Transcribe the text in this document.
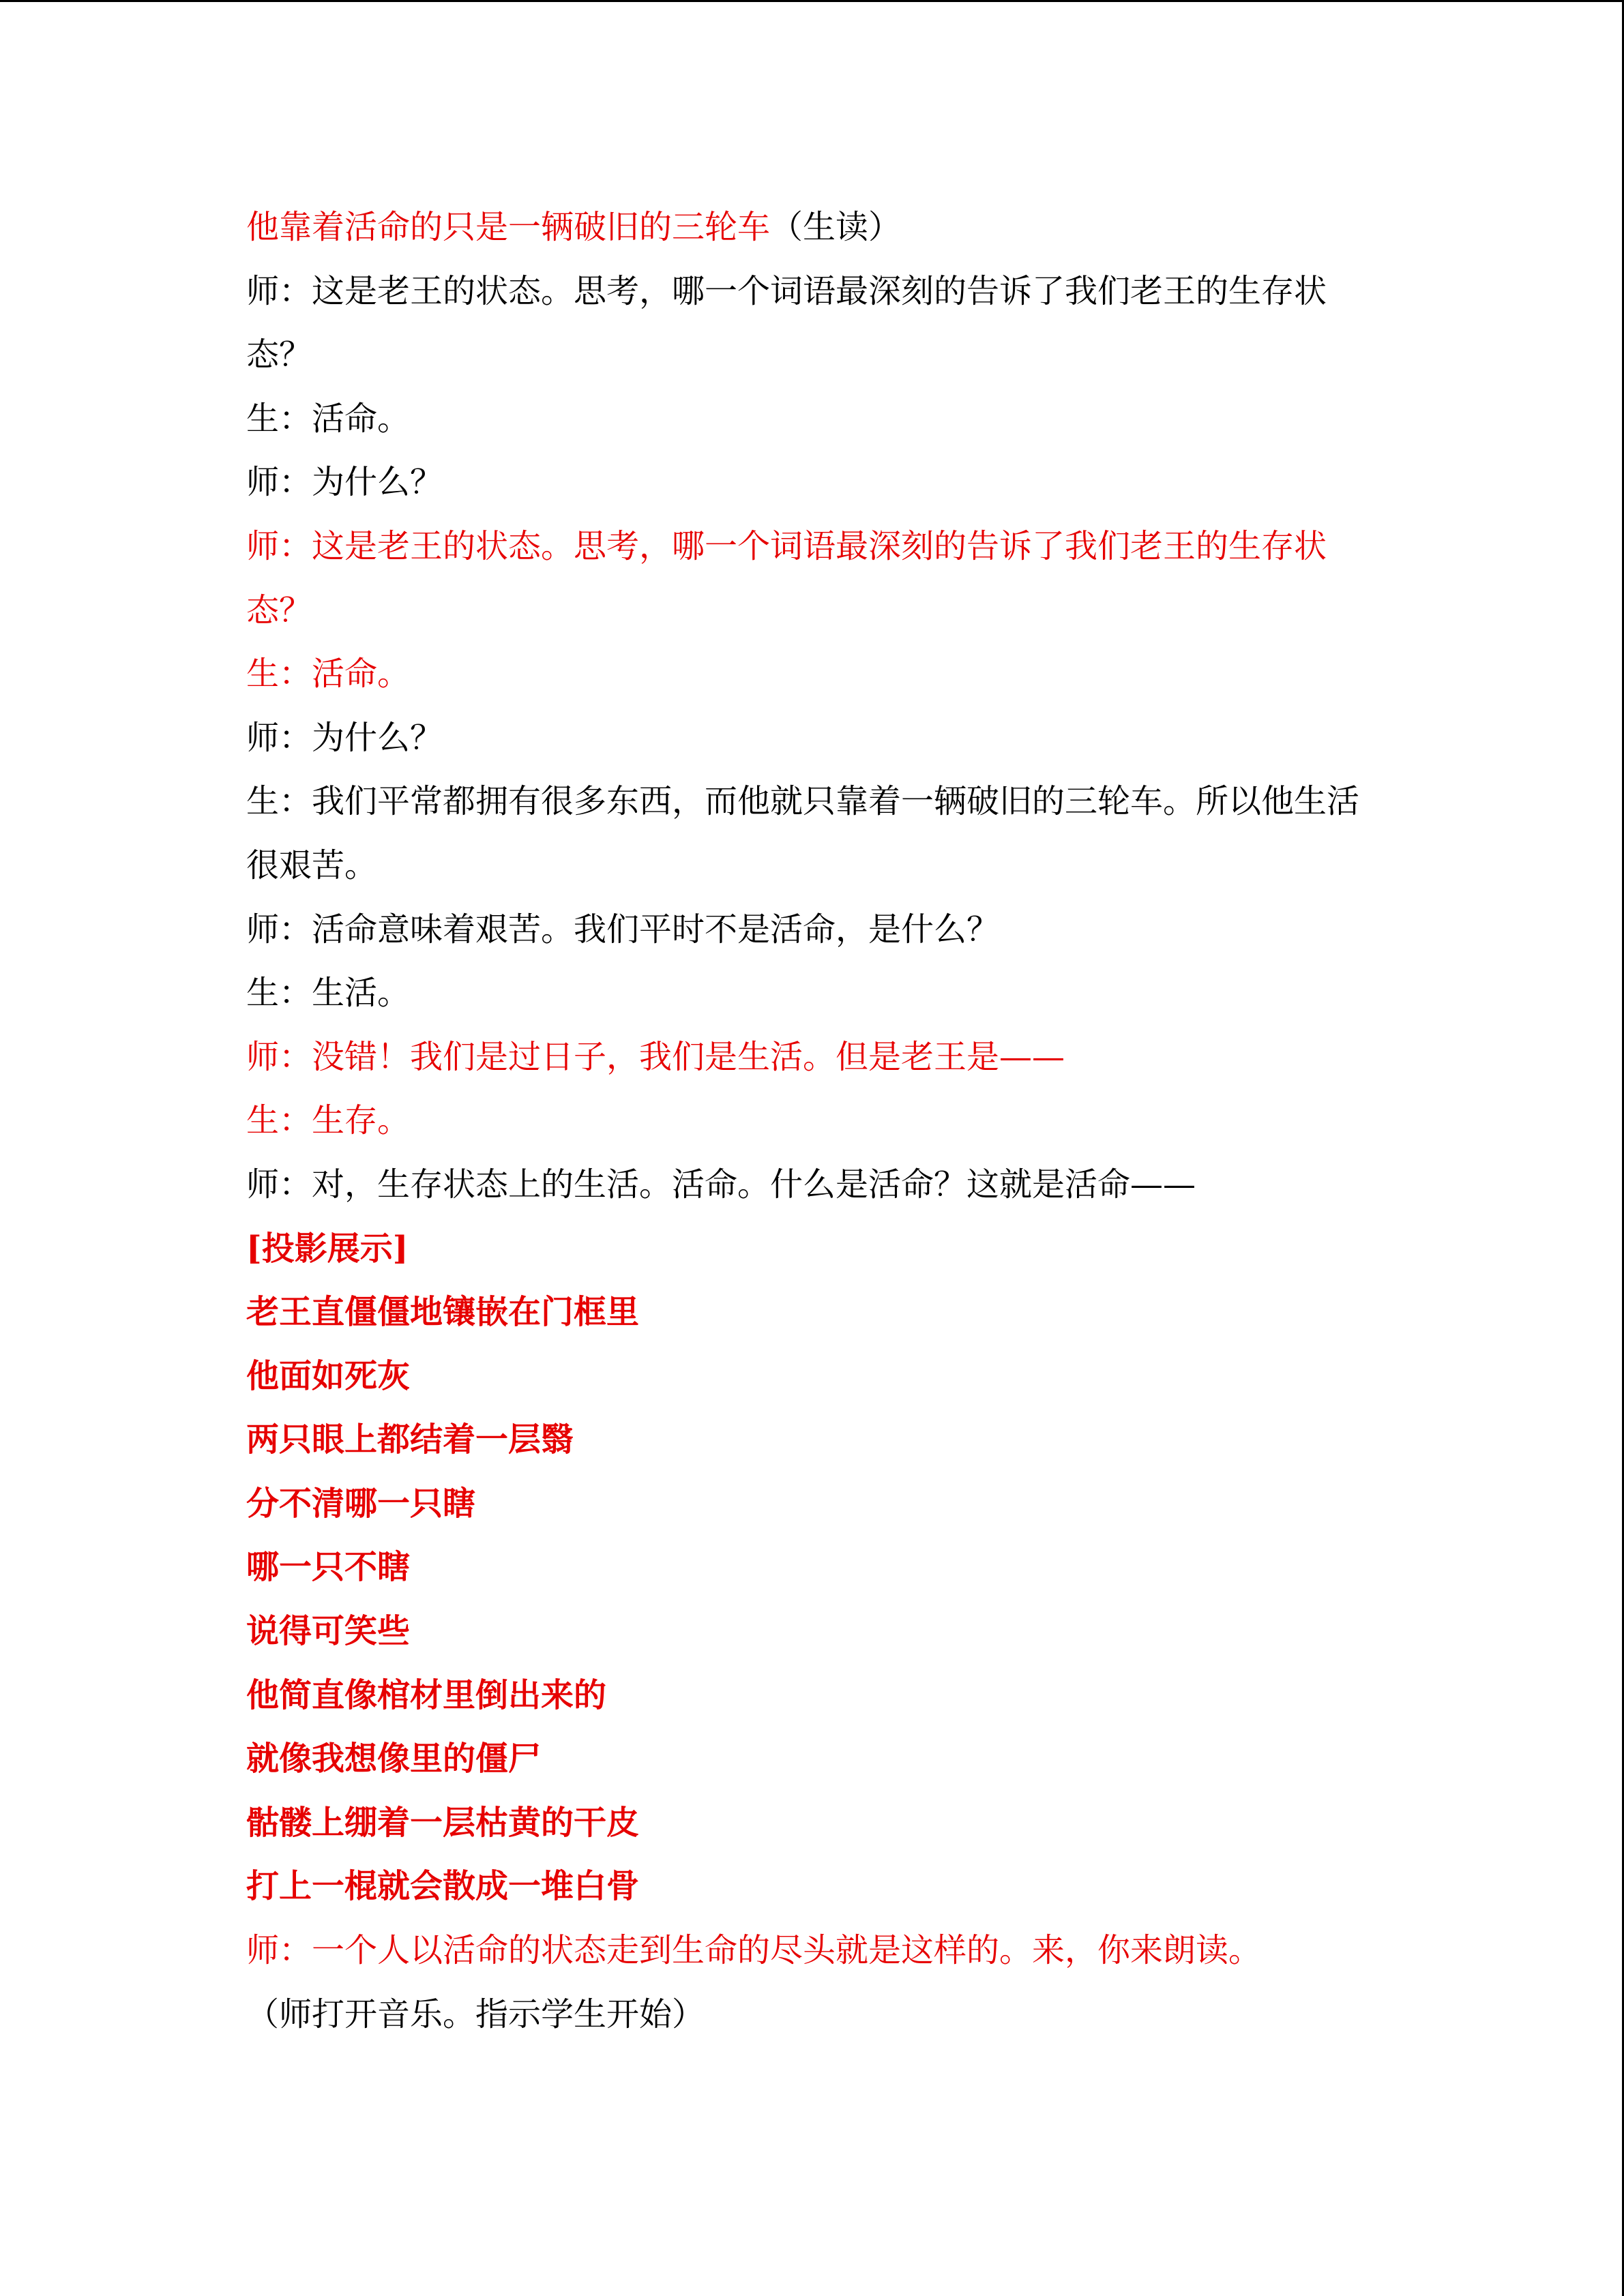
他靠着活命的只是一辆破旧的三轮车（生读）

师：这是老王的状态。思考，哪一个词语最深刻的告诉了我们老王的生存状

态？

生：活命。

师：为什么？

师：这是老王的状态。思考，哪一个词语最深刻的告诉了我们老王的生存状

态？

生：活命。

师：为什么？

生：我们平常都拥有很多东西，而他就只靠着一辆破旧的三轮车。所以他生活

很艰苦。

师：活命意味着艰苦。我们平时不是活命，是什么？

生：生活。

师：没错！我们是过日子，我们是生活。但是老王是——

生：生存。

师：对，生存状态上的生活。活命。什么是活命？这就是活命——

[投影展示]

老王直僵僵地镶嵌在门框里

他面如死灰

两只眼上都结着一层翳

分不清哪一只瞎

哪一只不瞎

说得可笑些

他简直像棺材里倒出来的

就像我想像里的僵尸

骷髅上绷着一层枯黄的干皮

打上一棍就会散成一堆白骨

师：一个人以活命的状态走到生命的尽头就是这样的。来，你来朗读。

（师打开音乐。指示学生开始）
